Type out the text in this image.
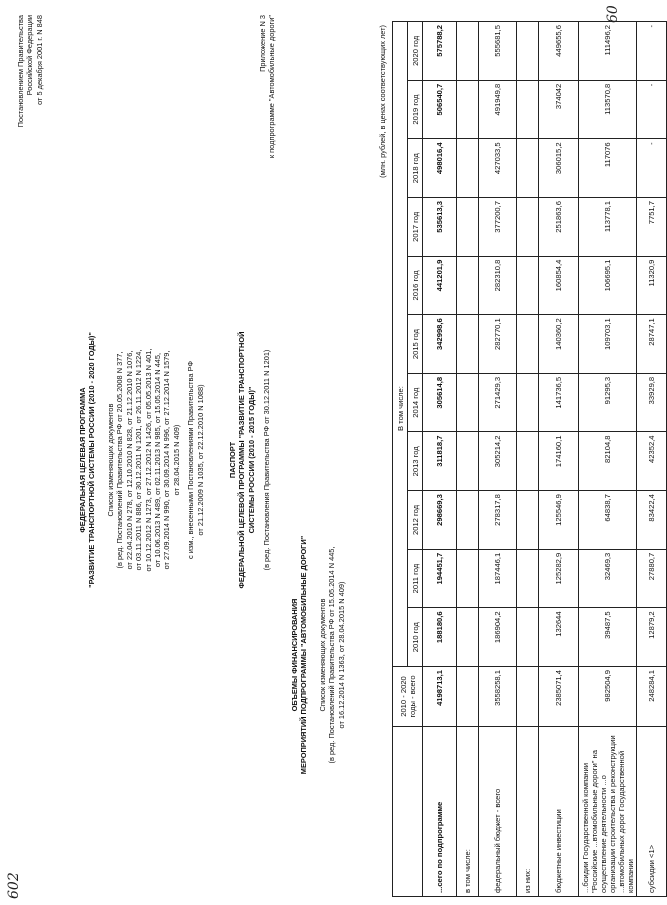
602
60
Постановлением Правительства Российской Федерации от 5 декабря 2001 г. N 848
ФЕДЕРАЛЬНАЯ ЦЕЛЕВАЯ ПРОГРАММА "РАЗВИТИЕ ТРАНСПОРТНОЙ СИСТЕМЫ РОССИИ (2010 - 2020 ГОДЫ)" Список изменяющих документов (в ред. Постановлений Правительства РФ от 20.05.2008 N 377, от 22.04.2010 N 278, от 12.10.2010 N 828, от 21.12.2010 N 1076, от 03.11.2011 N 886, от 30.12.2011 N 1201, от 26.11.2012 N 1224, от 10.12.2012 N 1273, от 27.12.2012 N 1426, от 05.05.2013 N 401, от 10.06.2013 N 489, от 02.11.2013 N 985, от 15.05.2014 N 445, от 27.09.2014 N 990, от 30.09.2014 N 996, от 27.12.2014 N 1579, от 28.04.2015 N 409) с изм., внесенными Постановлениями Правительства РФ от 21.12.2009 N 1035, от 22.12.2010 N 1088)	ПАСПОРТ ФЕДЕРАЛЬНОЙ ЦЕЛЕВОЙ ПРОГРАММЫ "РАЗВИТИЕ ТРАНСПОРТНОЙ СИСТЕМЫ РОССИИ (2010 - 2015 ГОДЫ)" (в ред. Постановления Правительства РФ от 30.12.2011 N 1201)
Приложение N 3 к подпрограмме "Автомобильные дороги"
ОБЪЕМЫ ФИНАНСИРОВАНИЯ МЕРОПРИЯТИЙ ПОДПРОГРАММЫ "АВТОМОБИЛЬНЫЕ ДОРОГИ" Список изменяющих документов (в ред. Постановлений Правительства РФ от 15.05.2014 N 445, от 16.12.2014 N 1363, от 28.04.2015 N 409)
(млн. рублей, в ценах соответствующих лет)
	2010 - 2020 годы - всего	В том числе:										
		2010 год	2011 год	2012 год	2013 год	2014 год	2015 год	2016 год	2017 год	2018 год	2019 год	2020 год
...сего по подпрограмме	4198713,1	188180,6	194451,7	298669,3	311818,7	305614,8	342998,6	441201,9	535613,3	498016,4	506540,7	575788,2
в том числе:												
федеральный бюджет - всего	3558258,1	186904,2	187446,1	278317,8	305214,2	271429,3	282770,1	282310,8	377200,7	427033,5	491949,8	555681,5
из них:												
бюджетные инвестиции	2385071,4	132644	125282,9	125546,9	174160,1	141736,5	140360,2	160854,4	251863,6	306015,2	374042	449655,6
...бсидии Государственной компании "Российские ...втомобильные дороги" на осуществление деятельности ...о организации строительства и реконструкции ...втомобильных дорог Государственной компании	982504,9	39487,5	32469,3	64838,7	82104,8	91295,3	109703,1	106695,1	113778,1	117076	113570,8	111496,2
субсидии <1>	248284,1	12879,2	27880,7	83422,4	42352,4	33929,8	28747,1	11320,9	7751,7	-	-	-
